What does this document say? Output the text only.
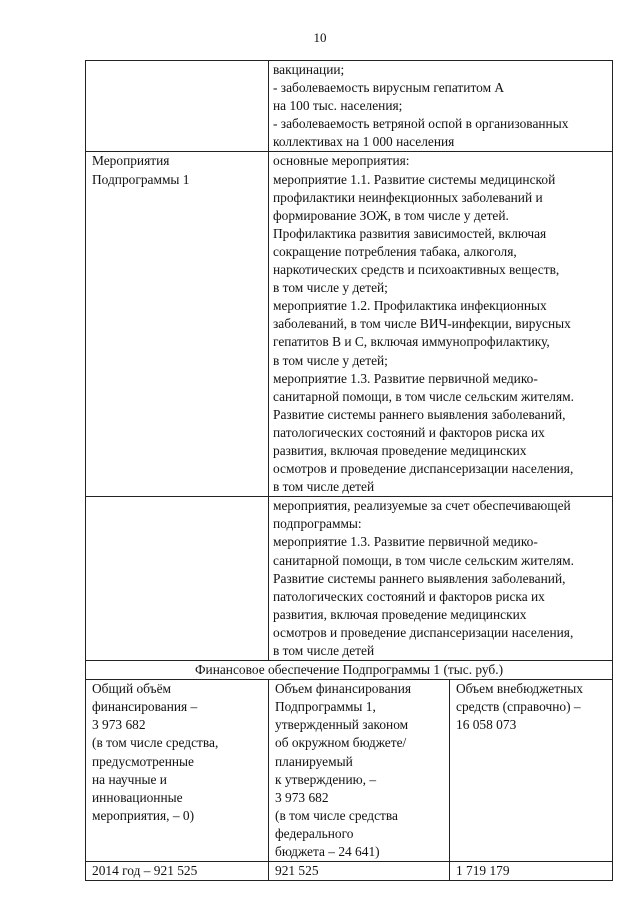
10
вакцинации;
- заболеваемость вирусным гепатитом А
на 100 тыс. населения;
- заболеваемость ветряной оспой в организованных
коллективах на 1 000 населения
Мероприятия
Подпрограммы 1
основные мероприятия:
мероприятие 1.1. Развитие системы медицинской
профилактики неинфекционных заболеваний и
формирование ЗОЖ, в том числе у детей.
Профилактика развития зависимостей, включая
сокращение потребления табака, алкоголя,
наркотических средств и психоактивных веществ,
в том числе у детей;
мероприятие 1.2. Профилактика инфекционных
заболеваний, в том числе ВИЧ-инфекции, вирусных
гепатитов В и С, включая иммунопрофилактику,
в том числе у детей;
мероприятие 1.3. Развитие первичной медико-
санитарной помощи, в том числе сельским жителям.
Развитие системы раннего выявления заболеваний,
патологических состояний и факторов риска их
развития, включая проведение медицинских
осмотров и проведение диспансеризации населения,
в том числе детей
мероприятия, реализуемые за счет обеспечивающей
подпрограммы:
мероприятие 1.3. Развитие первичной медико-
санитарной помощи, в том числе сельским жителям.
Развитие системы раннего выявления заболеваний,
патологических состояний и факторов риска их
развития, включая проведение медицинских
осмотров и проведение диспансеризации населения,
в том числе детей
Финансовое обеспечение Подпрограммы 1 (тыс. руб.)
Общий объём
финансирования –
3 973 682
(в том числе средства,
предусмотренные
на научные и
инновационные
мероприятия, – 0)
Объем финансирования
Подпрограммы 1,
утвержденный законом
об окружном бюджете/
планируемый
к утверждению, –
3 973 682
(в том числе средства
федерального
бюджета – 24 641)
Объем внебюджетных
средств (справочно) –
16 058 073
2014 год – 921 525	921 525	1 719 179
